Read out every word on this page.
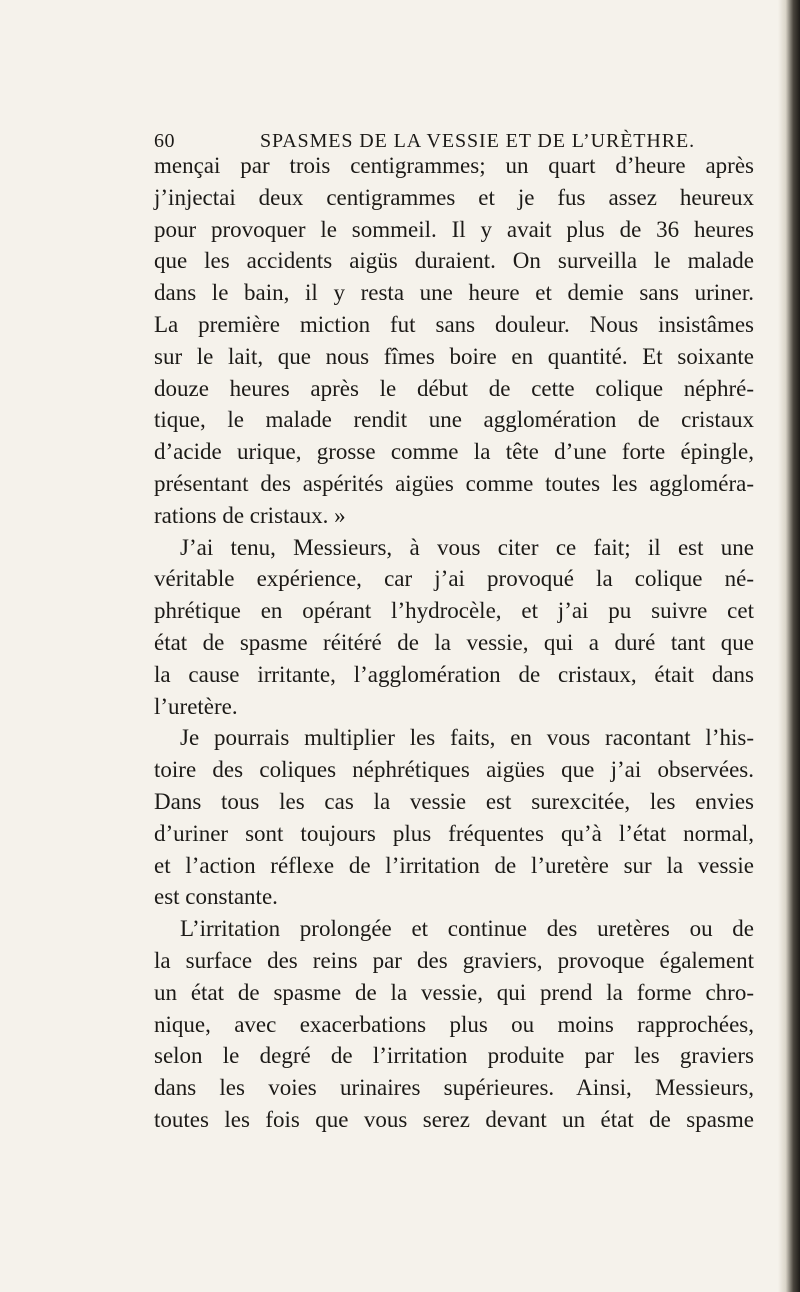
60	SPASMES DE LA VESSIE ET DE L’URÈTHRE.
mençai par trois centigrammes; un quart d’heure après
j’injectai deux centigrammes et je fus assez heureux
pour provoquer le sommeil. Il y avait plus de 36 heures
que les accidents aigüs duraient. On surveilla le malade
dans le bain, il y resta une heure et demie sans uriner.
La première miction fut sans douleur. Nous insistâmes
sur le lait, que nous fîmes boire en quantité. Et soixante
douze heures après le début de cette colique néphré-
tique, le malade rendit une agglomération de cristaux
d’acide urique, grosse comme la tête d’une forte épingle,
présentant des aspérités aigües comme toutes les aggloméra-
rations de cristaux. »
J’ai tenu, Messieurs, à vous citer ce fait; il est une
véritable expérience, car j’ai provoqué la colique né-
phrétique en opérant l’hydrocèle, et j’ai pu suivre cet
état de spasme réitéré de la vessie, qui a duré tant que
la cause irritante, l’agglomération de cristaux, était dans
l’uretère.
Je pourrais multiplier les faits, en vous racontant l’his-
toire des coliques néphrétiques aigües que j’ai observées.
Dans tous les cas la vessie est surexcitée, les envies
d’uriner sont toujours plus fréquentes qu’à l’état normal,
et l’action réflexe de l’irritation de l’uretère sur la vessie
est constante.
L’irritation prolongée et continue des uretères ou de
la surface des reins par des graviers, provoque également
un état de spasme de la vessie, qui prend la forme chro-
nique, avec exacerbations plus ou moins rapprochées,
selon le degré de l’irritation produite par les graviers
dans les voies urinaires supérieures. Ainsi, Messieurs,
toutes les fois que vous serez devant un état de spasme
